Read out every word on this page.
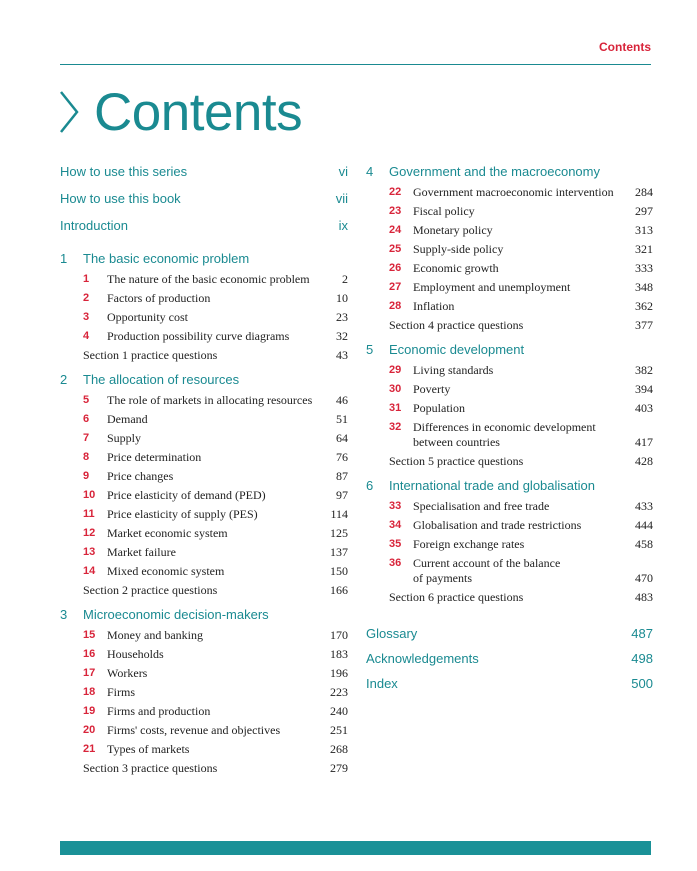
Contents
Contents
How to use this series	vi
How to use this book	vii
Introduction	ix
1	The basic economic problem
1	The nature of the basic economic problem	2
2	Factors of production	10
3	Opportunity cost	23
4	Production possibility curve diagrams	32
Section 1 practice questions	43
2	The allocation of resources
5	The role of markets in allocating resources	46
6	Demand	51
7	Supply	64
8	Price determination	76
9	Price changes	87
10 Price elasticity of demand (PED)	97
11	Price elasticity of supply (PES)	114
12 Market economic system	125
13 Market failure	137
14 Mixed economic system	150
Section 2 practice questions	166
3	Microeconomic decision-makers
15 Money and banking	170
16 Households	183
17 Workers	196
18 Firms	223
19 Firms and production	240
20 Firms' costs, revenue and objectives	251
21 Types of markets	268
Section 3 practice questions	279
4	Government and the macroeconomy
22 Government macroeconomic intervention	284
23 Fiscal policy	297
24 Monetary policy	313
25 Supply-side policy	321
26 Economic growth	333
27 Employment and unemployment	348
28 Inflation	362
Section 4 practice questions	377
5	Economic development
29 Living standards	382
30 Poverty	394
31 Population	403
32 Differences in economic development
between countries	417
Section 5 practice questions	428
6	International trade and globalisation
33 Specialisation and free trade	433
34 Globalisation and trade restrictions	444
35 Foreign exchange rates	458
36 Current account of the balance
of payments	470
Section 6 practice questions	483
Glossary	487
Acknowledgements	498
Index	500
